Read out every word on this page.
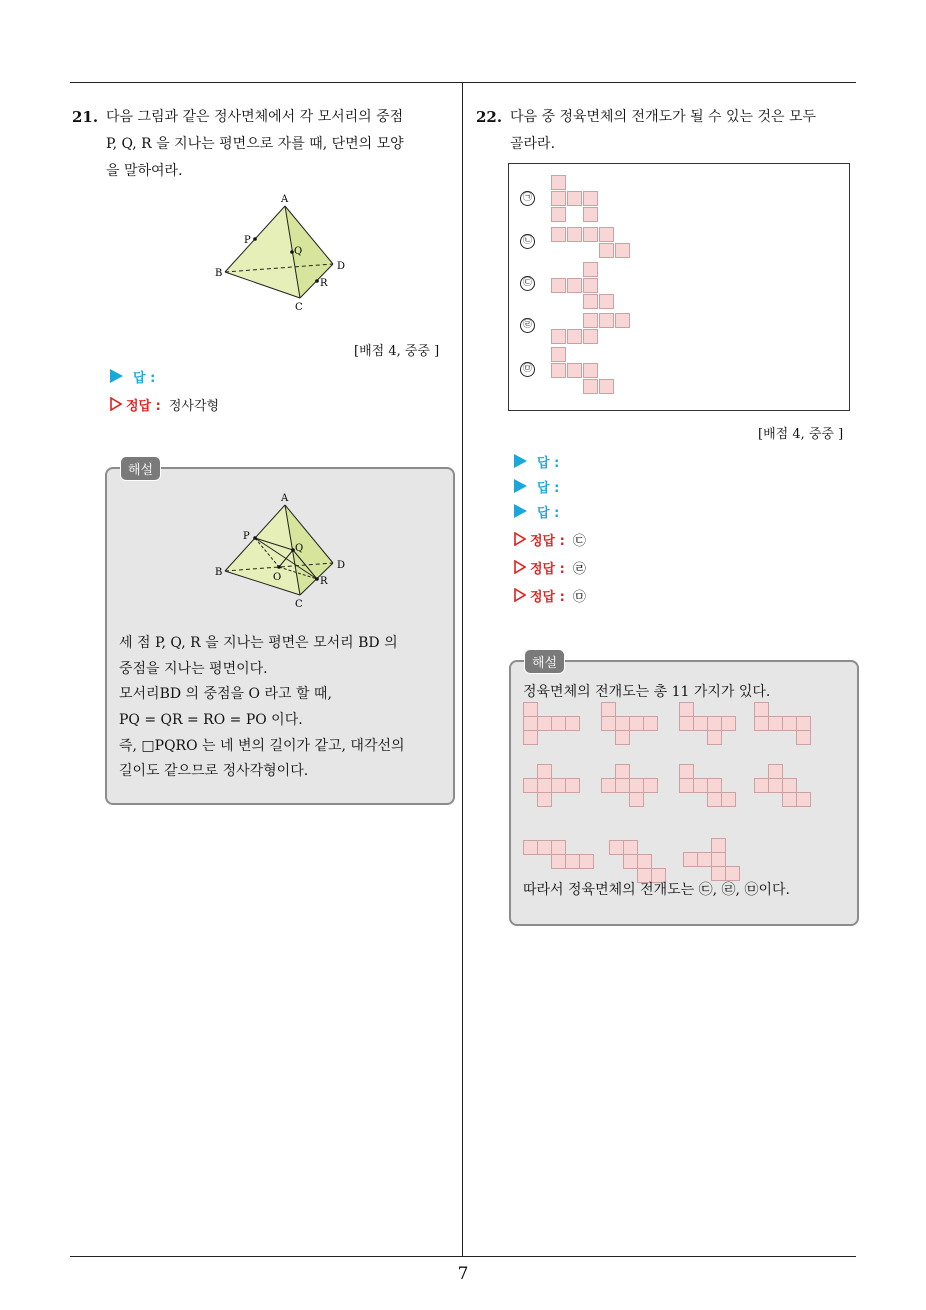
7
21. 다음 그림과 같은 정사면체에서 각 모서리의 중점
P, Q, R 을 지나는 평면으로 자를 때, 단면의 모양
을 말하여라.
A
B
C
D
P
Q
R
[배점 4, 중중 ]
답 :
정답 : 정사각형
A
B
C
D
P
Q
R
O
세 점 P, Q, R 을 지나는 평면은 모서리 BD 의
중점을 지나는 평면이다.
모서리BD 의 중점을 O 라고 할 때,
PQ = QR = RO = PO 이다.
즉, □PQRO 는 네 변의 길이가 같고, 대각선의
길이도 같으므로 정사각형이다.
해설
22. 다음 중 정육면체의 전개도가 될 수 있는 것은 모두
골라라.
㉠
㉡
㉢
㉣
㉤
[배점 4, 중중 ]
답 :
답 :
답 :
정답 : ㉢
정답 : ㉣
정답 : ㉤
정육면체의 전개도는 총 11 가지가 있다.
따라서 정육면체의 전개도는 ㉢, ㉣, ㉤이다.
해설
